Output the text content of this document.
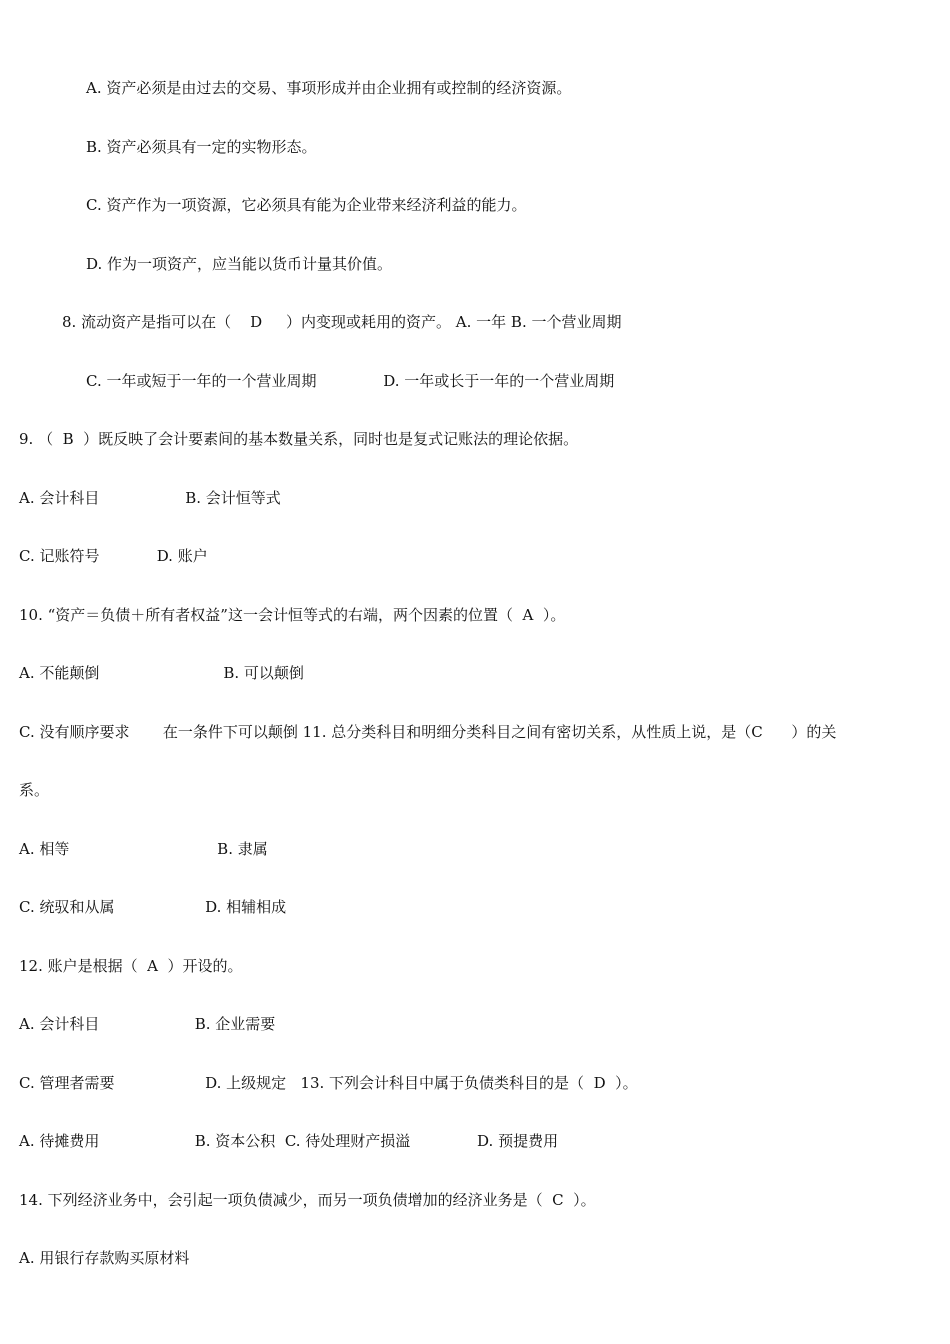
A. 资产必须是由过去的交易、事项形成并由企业拥有或控制的经济资源。

B. 资产必须具有一定的实物形态。

C. 资产作为一项资源，它必须具有能为企业带来经济利益的能力。

D. 作为一项资产，应当能以货币计量其价值。

8. 流动资产是指可以在（    D     ）内变现或耗用的资产。 A. 一年 B. 一个营业周期

C. 一年或短于一年的一个营业周期              D. 一年或长于一年的一个营业周期

9. （  B  ）既反映了会计要素间的基本数量关系，同时也是复式记账法的理论依据。

A. 会计科目                  B. 会计恒等式

C. 记账符号            D. 账户

10. “资产＝负债＋所有者权益”这一会计恒等式的右端，两个因素的位置（  A  ）。

A. 不能颠倒                          B. 可以颠倒

C. 没有顺序要求       在一条件下可以颠倒 11. 总分类科目和明细分类科目之间有密切关系，从性质上说，是（C      ）的关

系。

A. 相等                               B. 隶属

C. 统驭和从属                   D. 相辅相成

12. 账户是根据（  A  ）开设的。

A. 会计科目                    B. 企业需要

C. 管理者需要                   D. 上级规定   13. 下列会计科目中属于负债类科目的是（  D  ）。

A. 待摊费用                    B. 资本公积  C. 待处理财产损溢              D. 预提费用

14. 下列经济业务中，会引起一项负债减少，而另一项负债增加的经济业务是（  C  ）。

A. 用银行存款购买原材料
